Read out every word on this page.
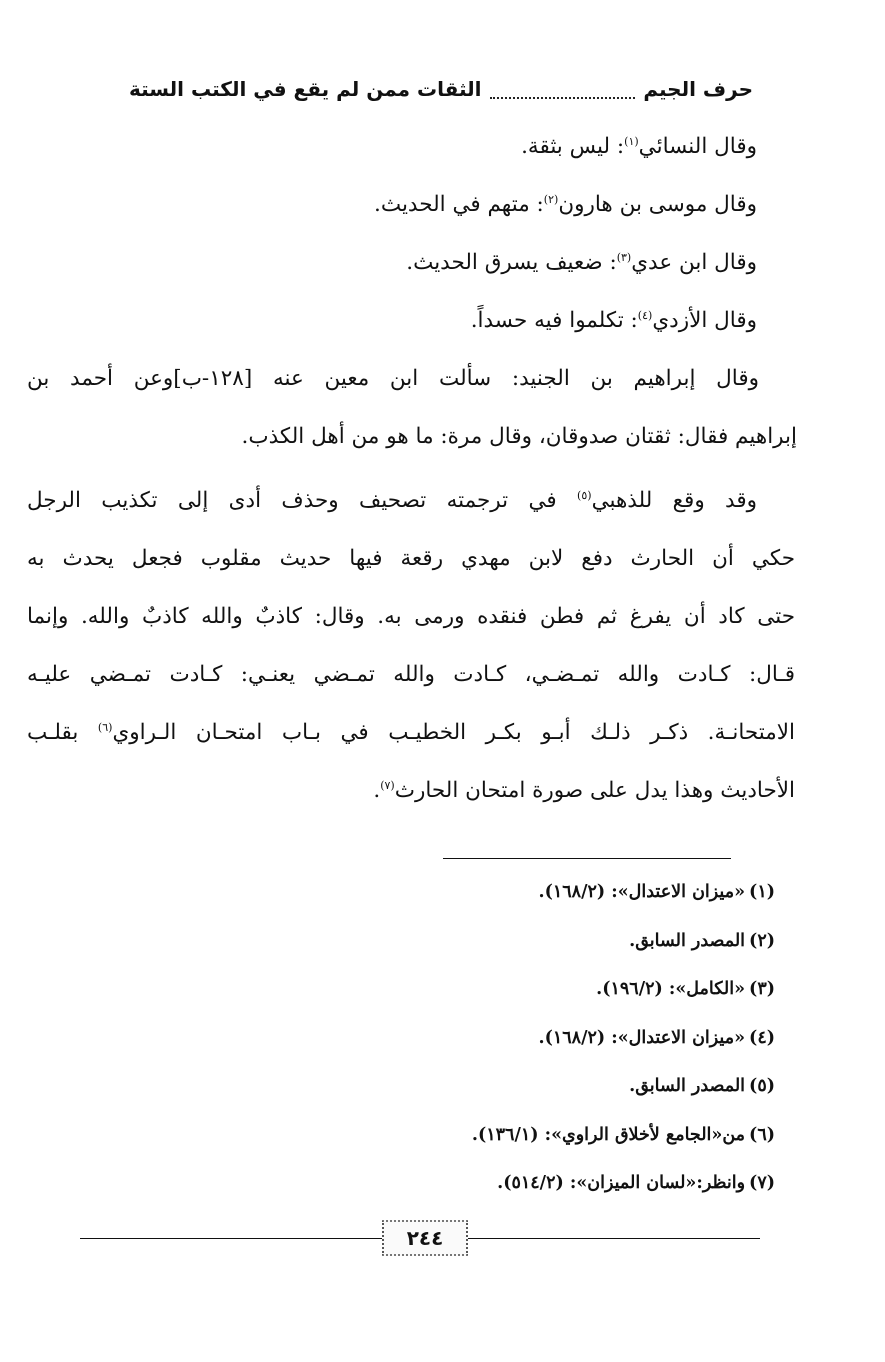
حرف الجيم
الثقات ممن لم يقع في الكتب الستة
وقال النسائي$^{(١)}$: ليس بثقة.
وقال موسى بن هارون$^{(٢)}$: متهم في الحديث.
وقال ابن عدي$^{(٣)}$: ضعيف يسرق الحديث.
وقال الأزدي$^{(٤)}$: تكلموا فيه حسداً.
وقال إبراهيم بن الجنيد: سألت ابن معين عنه [١٢٨-ب]وعن أحمد بن
إبراهيم فقال: ثقتان صدوقان، وقال مرة: ما هو من أهل الكذب.
وقد وقع للذهبي$^{(٥)}$ في ترجمته تصحيف وحذف أدى إلى تكذيب الرجل
حكي أن الحارث دفع لابن مهدي رقعة فيها حديث مقلوب فجعل يحدث به
حتى كاد أن يفرغ ثم فطن فنقده ورمى به. وقال: كاذبٌ والله كاذبٌ والله. وإنما
قـال: كـادت والله تمـضـي، كـادت والله تمـضي يعنـي: كـادت تمـضي عليـه
الامتحانـة. ذكـر ذلـك أبـو بكـر الخطيـب في بـاب امتحـان الـراوي$^{(٦)}$ بقلـب
الأحاديث وهذا يدل على صورة امتحان الحارث$^{(٧)}$.
(١)«ميزان الاعتدال»: (١٦٨/٢).
(٢)المصدر السابق.
(٣)«الكامل»: (١٩٦/٢).
(٤)«ميزان الاعتدال»: (١٦٨/٢).
(٥)المصدر السابق.
(٦)من«الجامع لأخلاق الراوي»: (١٣٦/١).
(٧)وانظر:«لسان الميزان»: (٥١٤/٢).
٢٤٤
